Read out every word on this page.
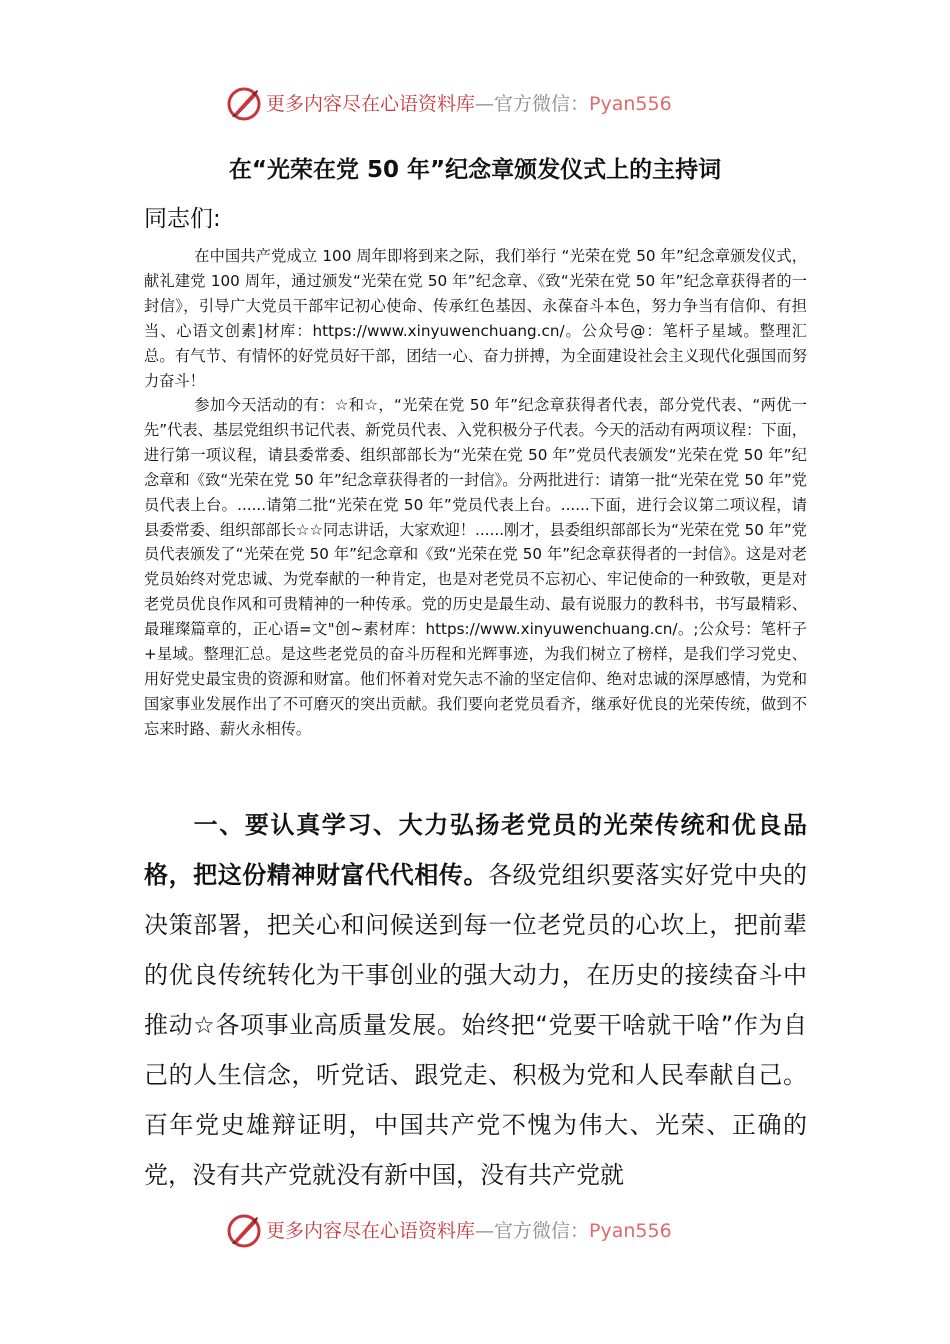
更多内容尽在心语资料库—官方微信：Pyan556
在“光荣在党 50 年”纪念章颁发仪式上的主持词
同志们:
在中国共产党成立 100 周年即将到来之际，我们举行 “光荣在党 50 年”纪念章颁发仪式，献礼建党 100 周年，通过颁发“光荣在党 50 年”纪念章、《致“光荣在党 50 年”纪念章获得者的一封信》，引导广大党员干部牢记初心使命、传承红色基因、永葆奋斗本色，努力争当有信仰、有担当、心语文创素]材库：https://www.xinyuwenchuang.cn/。公众号@：笔杆子星域。整理汇总。有气节、有情怀的好党员好干部，团结一心、奋力拼搏，为全面建设社会主义现代化强国而努力奋斗！
参加今天活动的有：☆和☆，“光荣在党 50 年”纪念章获得者代表，部分党代表、“两优一先”代表、基层党组织书记代表、新党员代表、入党积极分子代表。今天的活动有两项议程：下面，进行第一项议程，请县委常委、组织部部长为“光荣在党 50 年”党员代表颁发“光荣在党 50 年”纪念章和《致“光荣在党 50 年”纪念章获得者的一封信》。分两批进行：请第一批“光荣在党 50 年”党员代表上台。......请第二批“光荣在党 50 年”党员代表上台。......下面，进行会议第二项议程，请县委常委、组织部部长☆☆同志讲话，大家欢迎！......刚才，县委组织部部长为“光荣在党 50 年”党员代表颁发了“光荣在党 50 年”纪念章和《致“光荣在党 50 年”纪念章获得者的一封信》。这是对老党员始终对党忠诚、为党奉献的一种肯定，也是对老党员不忘初心、牢记使命的一种致敬，更是对老党员优良作风和可贵精神的一种传承。党的历史是最生动、最有说服力的教科书，书写最精彩、最璀璨篇章的，正心语=文"创~素材库：https://www.xinyuwenchuang.cn/。;公众号：笔杆子+星域。整理汇总。是这些老党员的奋斗历程和光辉事迹，为我们树立了榜样，是我们学习党史、用好党史最宝贵的资源和财富。他们怀着对党矢志不渝的坚定信仰、绝对忠诚的深厚感情，为党和国家事业发展作出了不可磨灭的突出贡献。我们要向老党员看齐，继承好优良的光荣传统，做到不忘来时路、薪火永相传。
一、要认真学习、大力弘扬老党员的光荣传统和优良品格，把这份精神财富代代相传。各级党组织要落实好党中央的决策部署，把关心和问候送到每一位老党员的心坎上，把前辈的优良传统转化为干事创业的强大动力，在历史的接续奋斗中推动☆各项事业高质量发展。始终把“党要干啥就干啥”作为自己的人生信念，听党话、跟党走、积极为党和人民奉献自己。百年党史雄辩证明，中国共产党不愧为伟大、光荣、正确的党，没有共产党就没有新中国，没有共产党就
更多内容尽在心语资料库—官方微信：Pyan556
